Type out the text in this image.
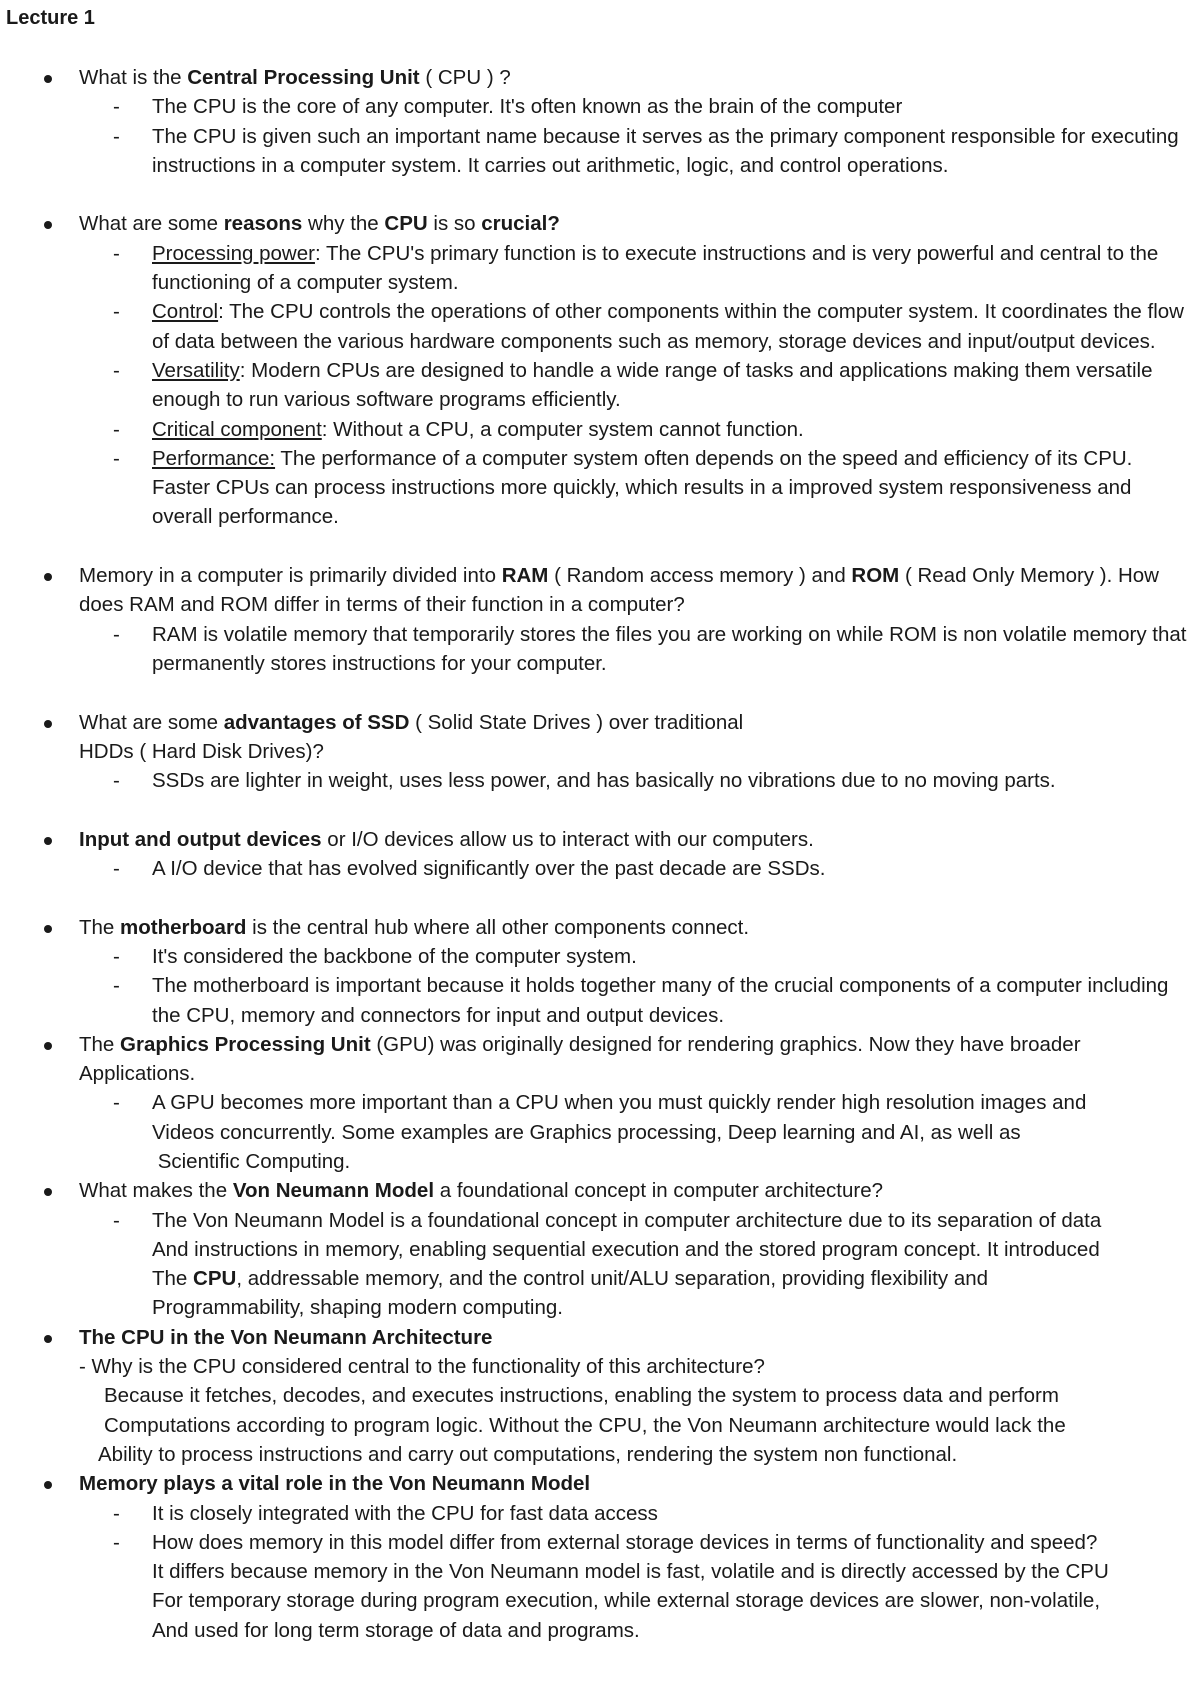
Lecture 1
What is the Central Processing Unit ( CPU ) ?
- The CPU is the core of any computer. It's often known as the brain of the computer
- The CPU is given such an important name because it serves as the primary component responsible for executing instructions in a computer system. It carries out arithmetic, logic, and control operations.
What are some reasons why the CPU is so crucial?
- Processing power: The CPU's primary function is to execute instructions and is very powerful and central to the functioning of a computer system.
- Control: The CPU controls the operations of other components within the computer system. It coordinates the flow of data between the various hardware components such as memory, storage devices and input/output devices.
- Versatility: Modern CPUs are designed to handle a wide range of tasks and applications making them versatile enough to run various software programs efficiently.
- Critical component: Without a CPU, a computer system cannot function.
- Performance: The performance of a computer system often depends on the speed and efficiency of its CPU. Faster CPUs can process instructions more quickly, which results in a improved system responsiveness and overall performance.
Memory in a computer is primarily divided into RAM ( Random access memory ) and ROM ( Read Only Memory ). How does RAM and ROM differ in terms of their function in a computer?
- RAM is volatile memory that temporarily stores the files you are working on while ROM is non volatile memory that permanently stores instructions for your computer.
What are some advantages of SSD ( Solid State Drives ) over traditional
HDDs ( Hard Disk Drives)?
- SSDs are lighter in weight, uses less power, and has basically no vibrations due to no moving parts.
Input and output devices or I/O devices allow us to interact with our computers.
- A I/O device that has evolved significantly over the past decade are SSDs.
The motherboard is the central hub where all other components connect.
- It's considered the backbone of the computer system.
- The motherboard is important because it holds together many of the crucial components of a computer including the CPU, memory and connectors for input and output devices.
The Graphics Processing Unit (GPU) was originally designed for rendering graphics. Now they have broader
Applications.
- A GPU becomes more important than a CPU when you must quickly render high resolution images and
Videos concurrently. Some examples are Graphics processing, Deep learning and AI, as well as
Scientific Computing.
What makes the Von Neumann Model a foundational concept in computer architecture?
- The Von Neumann Model is a foundational concept in computer architecture due to its separation of data
And instructions in memory, enabling sequential execution and the stored program concept. It introduced
The CPU, addressable memory, and the control unit/ALU separation, providing flexibility and
Programmability, shaping modern computing.
The CPU in the Von Neumann Architecture
- Why is the CPU considered central to the functionality of this architecture?
Because it fetches, decodes, and executes instructions, enabling the system to process data and perform
Computations according to program logic. Without the CPU, the Von Neumann architecture would lack the
Ability to process instructions and carry out computations, rendering the system non functional.
Memory plays a vital role in the Von Neumann Model
- It is closely integrated with the CPU for fast data access
- How does memory in this model differ from external storage devices in terms of functionality and speed?
It differs because memory in the Von Neumann model is fast, volatile and is directly accessed by the CPU
For temporary storage during program execution, while external storage devices are slower, non-volatile,
And used for long term storage of data and programs.
